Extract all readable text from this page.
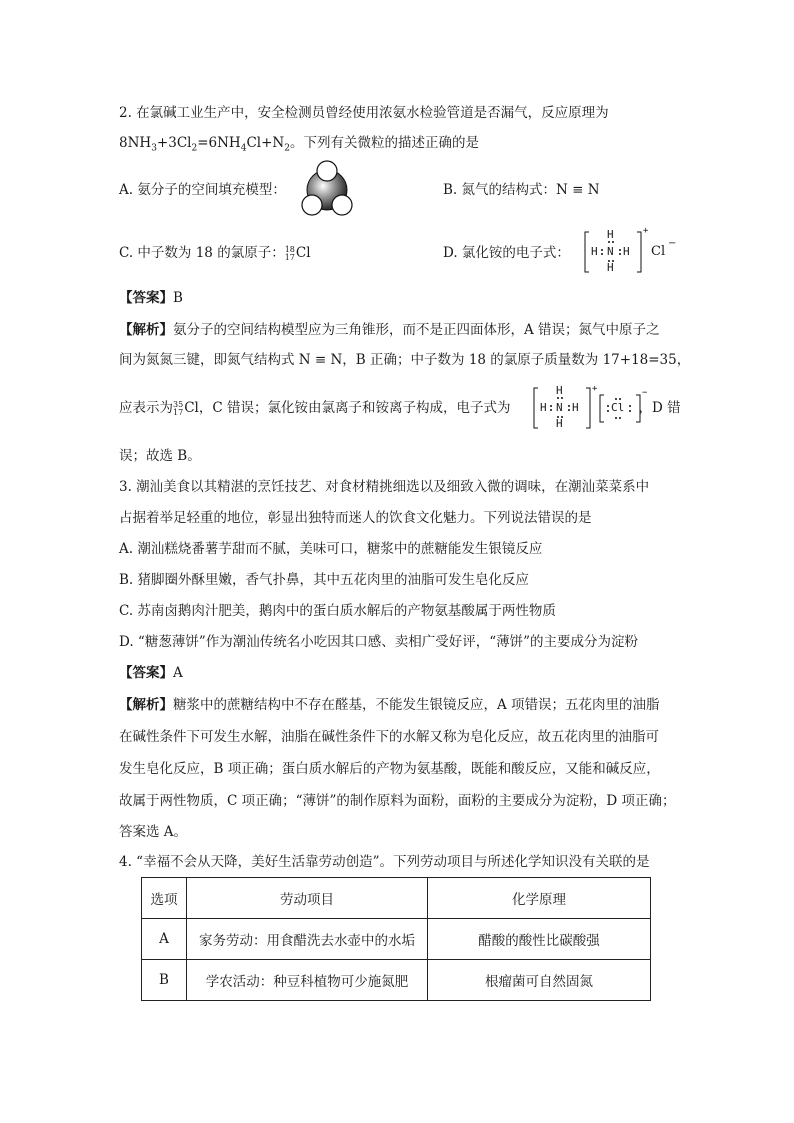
2. 在氯碱工业生产中，安全检测员曾经使用浓氨水检验管道是否漏气，反应原理为
$8NH_3+3Cl_2=6NH_4Cl+N_2$。下列有关微粒的描述正确的是
A. 氨分子的空间填充模型：	B. 氮气的结构式：N ≡ N
C. 中子数为 18 的氯原子： 18
17 Cl	D. 氯化铵的电子式：
H
H N H
H
+
Cl
−
【答案】B
【解析】氨分子的空间结构模型应为三角锥形，而不是正四面体形，A 错误；氮气中原子之
间为氮氮三键，即氮气结构式 N ≡ N，B 正确；中子数为 18 的氯原子质量数为 17+18=35，
应表示为 35
17 Cl，C 错误；氯化铵由氯离子和铵离子构成，电子式为	，D 错
H
H N H
H
+
Cl
−
误；故选 B。
3. 潮汕美食以其精湛的烹饪技艺、对食材精挑细选以及细致入微的调味，在潮汕菜菜系中
占据着举足轻重的地位，彰显出独特而迷人的饮食文化魅力。下列说法错误的是
A. 潮汕糕烧番薯芋甜而不腻，美味可口，糖浆中的蔗糖能发生银镜反应
B. 猪脚圈外酥里嫩，香气扑鼻，其中五花肉里的油脂可发生皂化反应
C. 苏南卤鹅肉汁肥美，鹅肉中的蛋白质水解后的产物氨基酸属于两性物质
D. “糖葱薄饼”作为潮汕传统名小吃因其口感、卖相广受好评，“薄饼”的主要成分为淀粉
【答案】A
【解析】糖浆中的蔗糖结构中不存在醛基，不能发生银镜反应，A 项错误；五花肉里的油脂
在碱性条件下可发生水解，油脂在碱性条件下的水解又称为皂化反应，故五花肉里的油脂可
发生皂化反应，B 项正确；蛋白质水解后的产物为氨基酸，既能和酸反应，又能和碱反应，
故属于两性物质，C 项正确；“薄饼”的制作原料为面粉，面粉的主要成分为淀粉，D 项正确；
答案选 A。
4. “幸福不会从天降，美好生活靠劳动创造”。下列劳动项目与所述化学知识没有关联的是
选项	劳动项目	化学原理
A	家务劳动：用食醋洗去水壶中的水垢	醋酸的酸性比碳酸强
B	学农活动：种豆科植物可少施氮肥	根瘤菌可自然固氮
